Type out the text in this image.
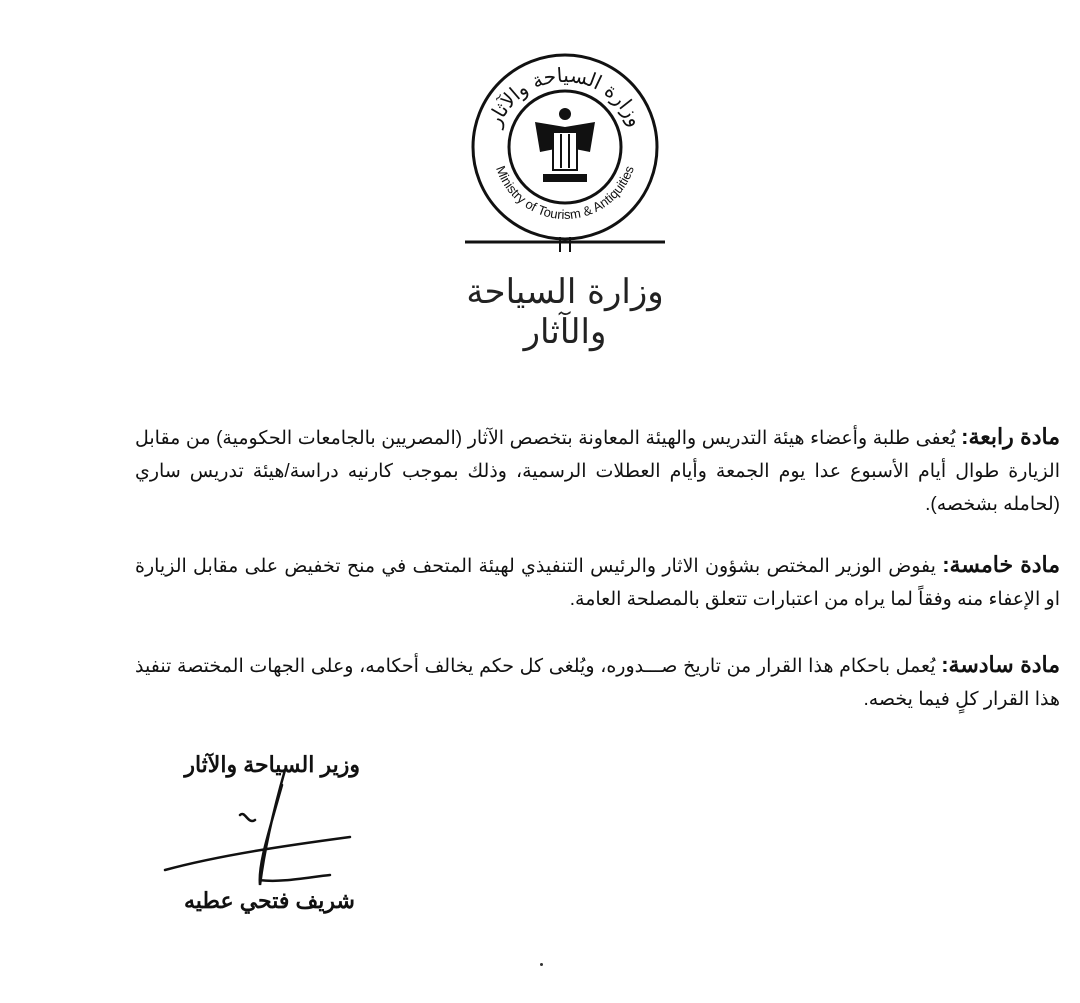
وزارة السياحة والآثار
Ministry of Tourism & Antiquities
وزارة السياحة والآثار
مادة رابعة: يُعفى طلبة وأعضاء هيئة التدريس والهيئة المعاونة بتخصص الآثار (المصريين بالجامعات الحكومية) من مقابل الزيارة طوال أيام الأسبوع عدا يوم الجمعة وأيام العطلات الرسمية، وذلك بموجب كارنيه دراسة/هيئة تدريس ساري (لحامله بشخصه).
مادة خامسة: يفوض الوزير المختص بشؤون الاثار والرئيس التنفيذي لهيئة المتحف في منح تخفيض على مقابل الزيارة او الإعفاء منه وفقاً لما يراه من اعتبارات تتعلق بالمصلحة العامة.
مادة سادسة: يُعمل باحكام هذا القرار من تاريخ صـــدوره، ويُلغى كل حكم يخالف أحكامه، وعلى الجهات المختصة تنفيذ هذا القرار كلٍ فيما يخصه.
وزير السياحة والآثار
شريف فتحي عطيه
